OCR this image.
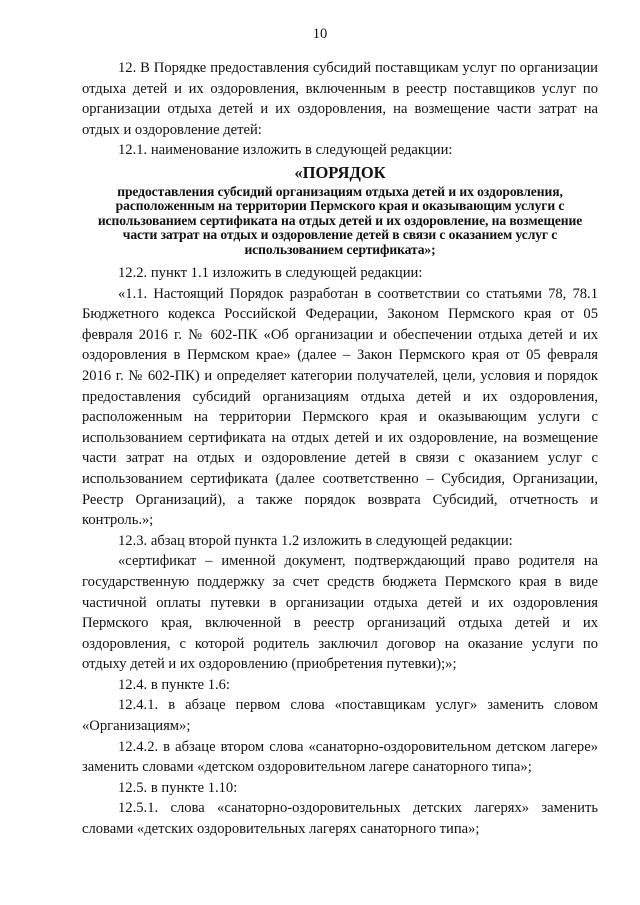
10

12. В Порядке предоставления субсидий поставщикам услуг по организации отдыха детей и их оздоровления, включенным в реестр поставщиков услуг по организации отдыха детей и их оздоровления, на возмещение части затрат на отдых и оздоровление детей:

12.1. наименование изложить в следующей редакции:

«ПОРЯДОК
предоставления субсидий организациям отдыха детей и их оздоровления, расположенным на территории Пермского края и оказывающим услуги с использованием сертификата на отдых детей и их оздоровление, на возмещение части затрат на отдых и оздоровление детей в связи с оказанием услуг с использованием сертификата»;

12.2. пункт 1.1 изложить в следующей редакции:

«1.1. Настоящий Порядок разработан в соответствии со статьями 78, 78.1 Бюджетного кодекса Российской Федерации, Законом Пермского края от 05 февраля 2016 г. № 602-ПК «Об организации и обеспечении отдыха детей и их оздоровления в Пермском крае» (далее – Закон Пермского края от 05 февраля 2016 г. № 602-ПК) и определяет категории получателей, цели, условия и порядок предоставления субсидий организациям отдыха детей и их оздоровления, расположенным на территории Пермского края и оказывающим услуги с использованием сертификата на отдых детей и их оздоровление, на возмещение части затрат на отдых и оздоровление детей в связи с оказанием услуг с использованием сертификата (далее соответственно – Субсидия, Организации, Реестр Организаций), а также порядок возврата Субсидий, отчетность и контроль.»;

12.3. абзац второй пункта 1.2 изложить в следующей редакции:

«сертификат – именной документ, подтверждающий право родителя на государственную поддержку за счет средств бюджета Пермского края в виде частичной оплаты путевки в организации отдыха детей и их оздоровления Пермского края, включенной в реестр организаций отдыха детей и их оздоровления, с которой родитель заключил договор на оказание услуги по отдыху детей и их оздоровлению (приобретения путевки);»;

12.4. в пункте 1.6:

12.4.1. в абзаце первом слова «поставщикам услуг» заменить словом «Организациям»;

12.4.2. в абзаце втором слова «санаторно-оздоровительном детском лагере» заменить словами «детском оздоровительном лагере санаторного типа»;

12.5. в пункте 1.10:

12.5.1. слова «санаторно-оздоровительных детских лагерях» заменить словами «детских оздоровительных лагерях санаторного типа»;
